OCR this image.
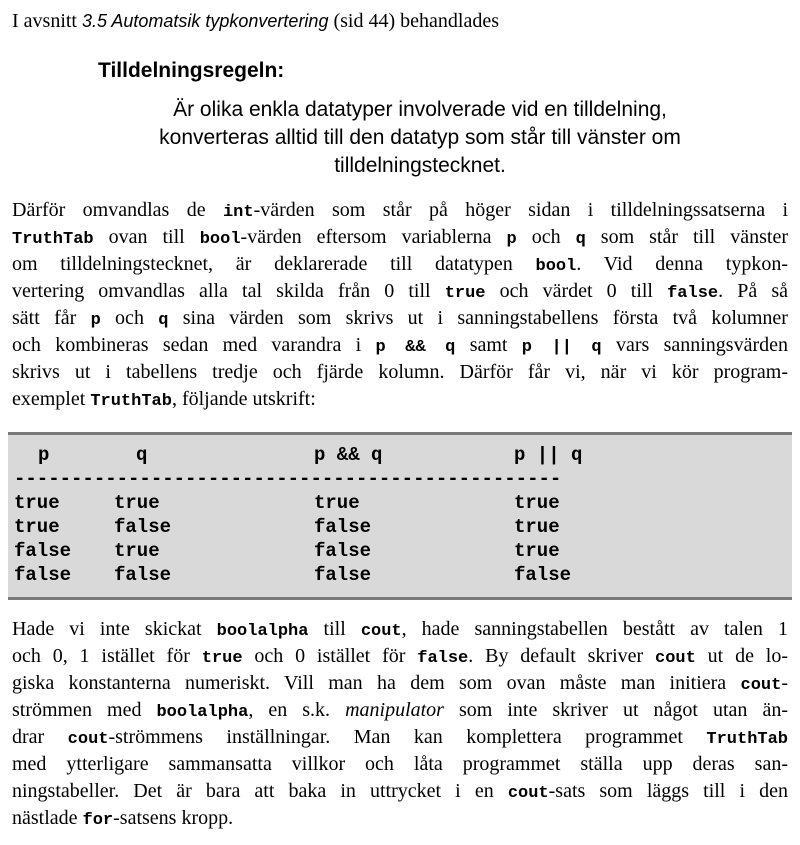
I avsnitt 3.5 Automatsik typkonvertering (sid 44) behandlades
Tilldelningsregeln:
Är olika enkla datatyper involverade vid en tilldelning,
konverteras alltid till den datatyp som står till vänster om
tilldelningstecknet.
Därför omvandlas de int-värden som står på höger sidan i tilldelningssatserna i
TruthTab ovan till bool-värden eftersom variablerna p och q som står till vänster
om tilldelningstecknet, är deklarerade till datatypen bool. Vid denna typkon-
vertering omvandlas alla tal skilda från 0 till true och värdet 0 till false. På så
sätt får p och q sina värden som skrivs ut i sanningstabellens första två kolumner
och kombineras sedan med varandra i p && q samt p || q vars sanningsvärden
skrivs ut i tabellens tredje och fjärde kolumn. Därför får vi, när vi kör program-
exemplet TruthTab, följande utskrift:
p	q	p && q	p || q
------------------------------------------------
true	true	true	true
true	false	false	true
false true	false	true
false false	false	false
Hade vi inte skickat boolalpha till cout, hade sanningstabellen bestått av talen 1
och 0, 1 istället för true och 0 istället för false. By default skriver cout ut de lo-
giska konstanterna numeriskt. Vill man ha dem som ovan måste man initiera cout-
strömmen med boolalpha, en s.k. manipulator som inte skriver ut något utan än-
drar cout-strömmens inställningar. Man kan komplettera programmet TruthTab
med ytterligare sammansatta villkor och låta programmet ställa upp deras san-
ningstabeller. Det är bara att baka in uttrycket i en cout-sats som läggs till i den
nästlade for-satsens kropp.
